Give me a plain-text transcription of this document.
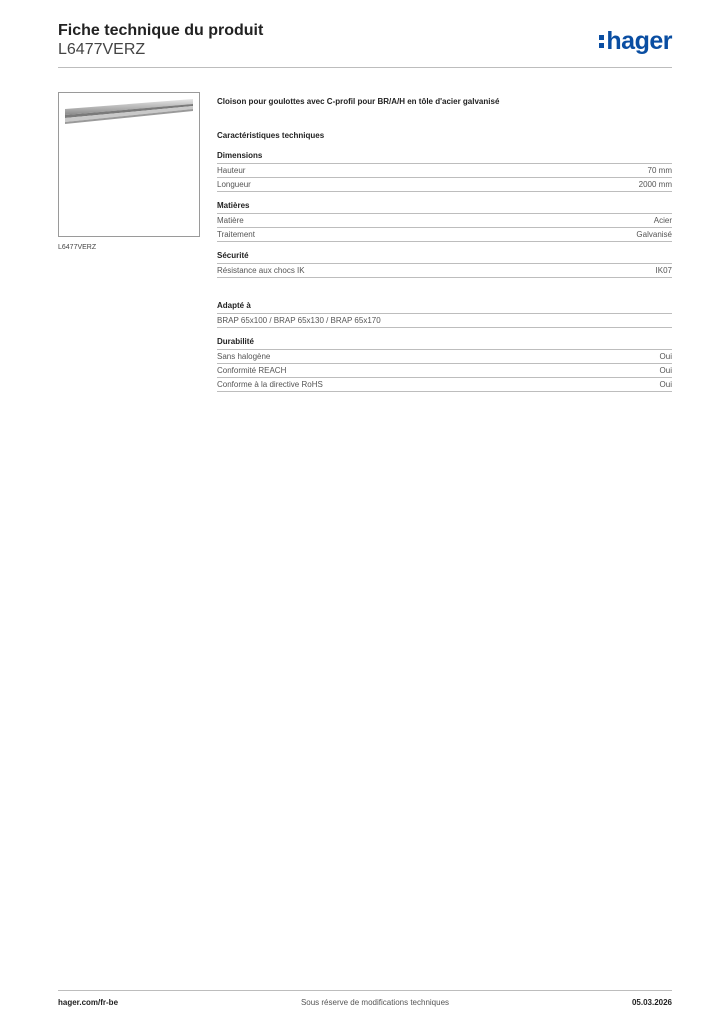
Fiche technique du produit
L6477VERZ	hager
L6477VERZ
Cloison pour goulottes avec C-profil pour BR/A/H en tôle d'acier galvanisé
Caractéristiques techniques
Dimensions
Hauteur	70 mm
Longueur	2000 mm
Matières
Matière	Acier
Traitement	Galvanisé
Sécurité
Résistance aux chocs IK	IK07
Adapté à
BRAP 65x100 / BRAP 65x130 / BRAP 65x170
Durabilité
Sans halogène	Oui
Conformité REACH	Oui
Conforme à la directive RoHS	Oui
hager.com/fr-be	Sous réserve de modifications techniques	05.03.2026
